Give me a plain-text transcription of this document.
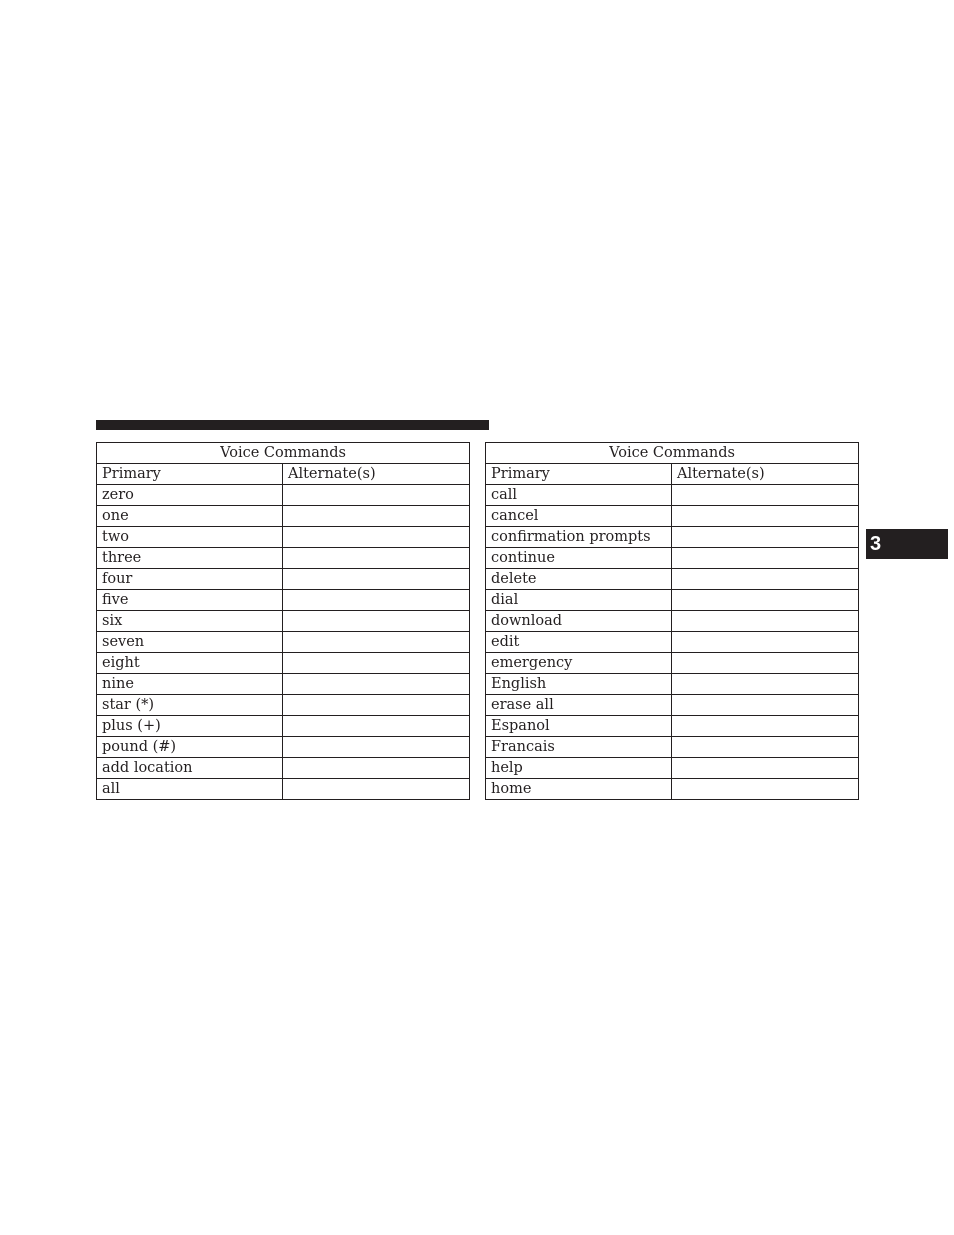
Voice Commands	
Primary	Alternate(s)
zero	
one	
two	
three	
four	
five	
six	
seven	
eight	
nine	
star (*)	
plus (+)	
pound (#)	
add location	
all	
Voice Commands	
Primary	Alternate(s)
call	
cancel	
confirmation prompts	
continue	
delete	
dial	
download	
edit	
emergency	
English	
erase all	
Espanol	
Francais	
help	
home	
3
